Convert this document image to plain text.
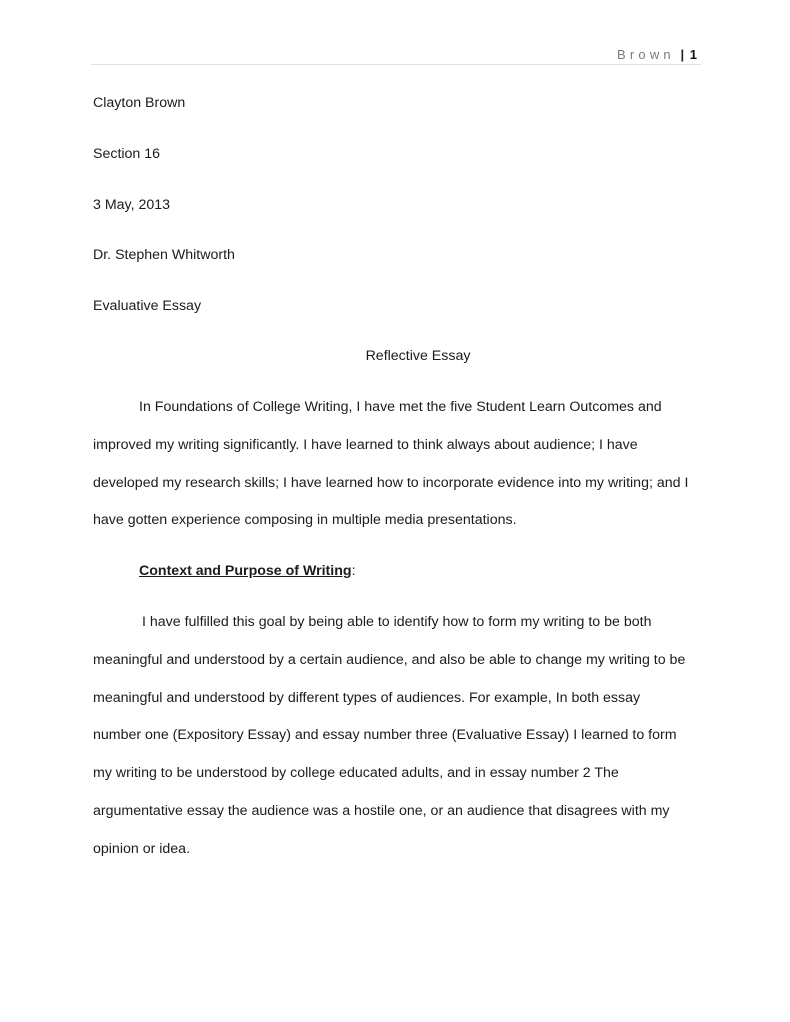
Brown | 1
Clayton Brown
Section 16
3 May, 2013
Dr. Stephen Whitworth
Evaluative Essay
Reflective Essay
In Foundations of College Writing, I have met the five Student Learn Outcomes and
improved my writing significantly. I have learned to think always about audience; I have
developed my research skills; I have learned how to incorporate evidence into my writing; and I
have gotten experience composing in multiple media presentations.
Context and Purpose of Writing:
I have fulfilled this goal by being able to identify how to form my writing to be both
meaningful and understood by a certain audience, and also be able to change my writing to be
meaningful and understood by different types of audiences. For example, In both essay
number one (Expository Essay) and essay number three (Evaluative Essay) I learned to form
my writing to be understood by college educated adults, and in essay number 2 The
argumentative essay the audience was a hostile one, or an audience that disagrees with my
opinion or idea.
